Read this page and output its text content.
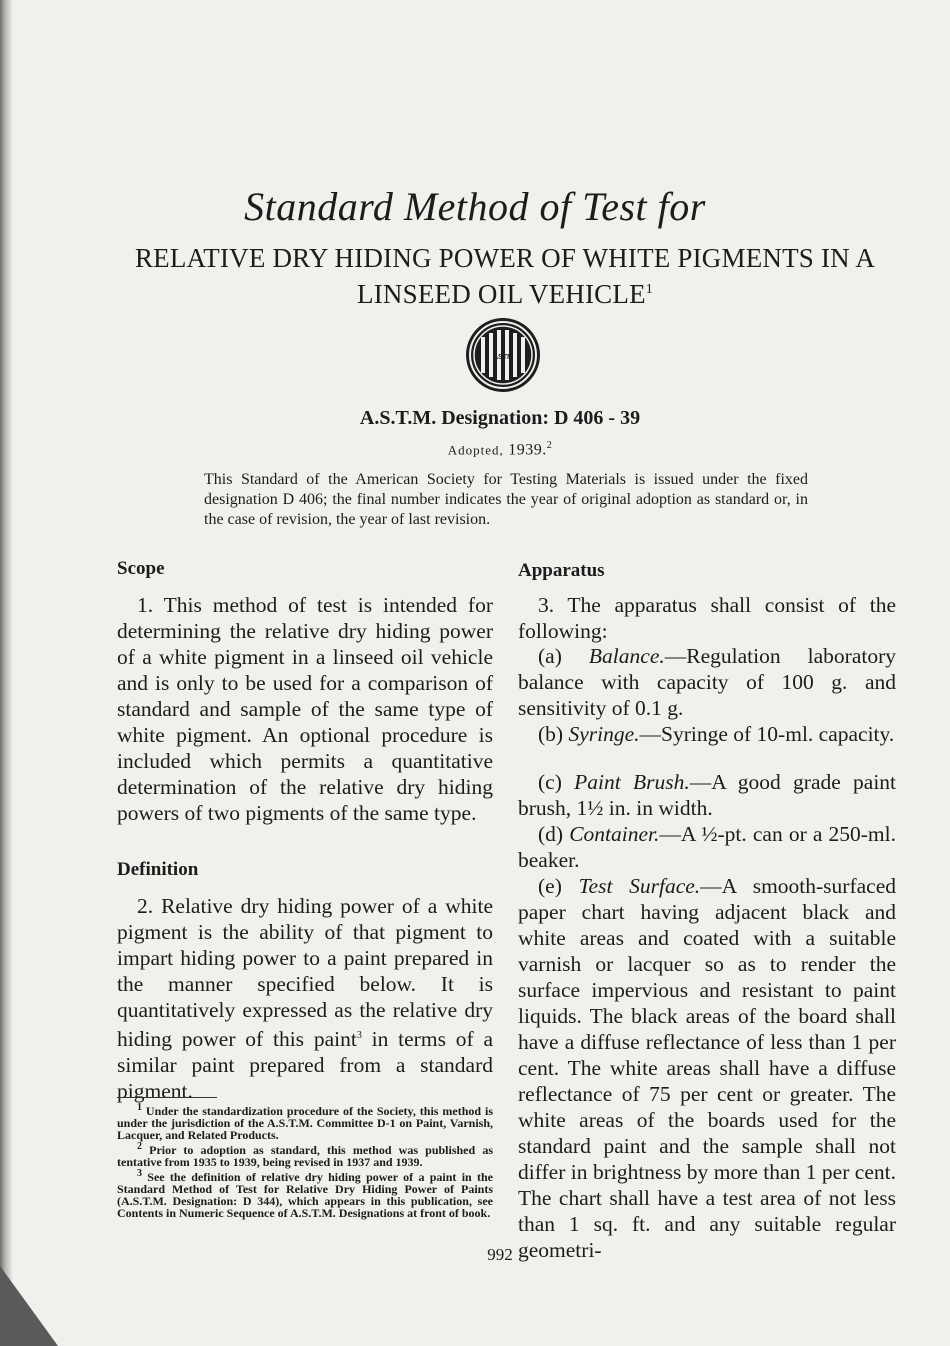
Standard Method of Test for
RELATIVE DRY HIDING POWER OF WHITE PIGMENTS IN A LINSEED OIL VEHICLE$^1$
ASTM
A.S.T.M. Designation: D 406 - 39
Adopted, 1939.$^2$
This Standard of the American Society for Testing Materials is issued under the fixed designation D 406; the final number indicates the year of original adoption as standard or, in the case of revision, the year of last revision.
Scope

1. This method of test is intended for determining the relative dry hiding power of a white pigment in a linseed oil vehicle and is only to be used for a comparison of standard and sample of the same type of white pigment. An optional procedure is included which permits a quantitative determination of the relative dry hiding powers of two pigments of the same type.

Definition

2. Relative dry hiding power of a white pigment is the ability of that pigment to impart hiding power to a paint prepared in the manner specified below. It is quantitatively expressed as the relative dry hiding power of this paint$^3$ in terms of a similar paint prepared from a standard pigment.

$^1$ Under the standardization procedure of the Society, this method is under the jurisdiction of the A.S.T.M. Committee D-1 on Paint, Varnish, Lacquer, and Related Products.

$^2$ Prior to adoption as standard, this method was published as tentative from 1935 to 1939, being revised in 1937 and 1939.

$^3$ See the definition of relative dry hiding power of a paint in the Standard Method of Test for Relative Dry Hiding Power of Paints (A.S.T.M. Designation: D 344), which appears in this publication, see Contents in Numeric Sequence of A.S.T.M. Designations at front of book.

Apparatus

3. The apparatus shall consist of the following:

(a) Balance.—Regulation laboratory balance with capacity of 100 g. and sensitivity of 0.1 g.

(b) Syringe.—Syringe of 10-ml. capacity.

(c) Paint Brush.—A good grade paint brush, 1½ in. in width.

(d) Container.—A ½-pt. can or a 250-ml. beaker.

(e) Test Surface.—A smooth-surfaced paper chart having adjacent black and white areas and coated with a suitable varnish or lacquer so as to render the surface impervious and resistant to paint liquids. The black areas of the board shall have a diffuse reflectance of less than 1 per cent. The white areas shall have a diffuse reflectance of 75 per cent or greater. The white areas of the boards used for the standard paint and the sample shall not differ in brightness by more than 1 per cent. The chart shall have a test area of not less than 1 sq. ft. and any suitable regular geometri-

992
